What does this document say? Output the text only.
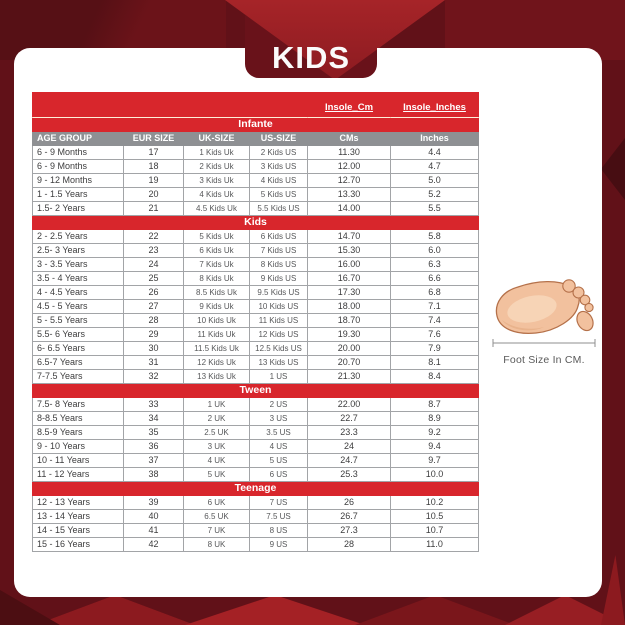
				Insole_Cm	Insole_Inches
Infante					
AGE GROUP	EUR SIZE	UK-SIZE	US-SIZE	CMs	Inches
6 - 9 Months	17	1 Kids Uk	2 Kids US	11.30	4.4
6 - 9 Months	18	2 Kids Uk	3 Kids US	12.00	4.7
9 - 12 Months	19	3 Kids Uk	4 Kids US	12.70	5.0
1 - 1.5 Years	20	4 Kids Uk	5 Kids US	13.30	5.2
1.5- 2 Years	21	4.5 Kids Uk	5.5 Kids US	14.00	5.5
Kids					
2 - 2.5 Years	22	5 Kids Uk	6 Kids US	14.70	5.8
2.5- 3 Years	23	6 Kids Uk	7 Kids US	15.30	6.0
3 - 3.5 Years	24	7 Kids Uk	8 Kids US	16.00	6.3
3.5 - 4 Years	25	8 Kids Uk	9 Kids US	16.70	6.6
4 - 4.5 Years	26	8.5 Kids Uk	9.5 Kids US	17.30	6.8
4.5 - 5 Years	27	9 Kids Uk	10 Kids US	18.00	7.1
5 - 5.5 Years	28	10 Kids Uk	11 Kids US	18.70	7.4
5.5- 6 Years	29	11 Kids Uk	12 Kids US	19.30	7.6
6- 6.5 Years	30	11.5 Kids Uk	12.5 Kids US	20.00	7.9
6.5-7 Years	31	12 Kids Uk	13 Kids US	20.70	8.1
7-7.5 Years	32	13 Kids Uk	1 US	21.30	8.4
Tween					
7.5- 8 Years	33	1 UK	2 US	22.00	8.7
8-8.5 Years	34	2 UK	3 US	22.7	8.9
8.5-9 Years	35	2.5 UK	3.5 US	23.3	9.2
9 - 10 Years	36	3 UK	4 US	24	9.4
10 - 11 Years	37	4 UK	5 US	24.7	9.7
11 - 12 Years	38	5 UK	6 US	25.3	10.0
Teenage					
12 - 13 Years	39	6 UK	7 US	26	10.2
13 - 14 Years	40	6.5 UK	7.5 US	26.7	10.5
14 - 15 Years	41	7 UK	8 US	27.3	10.7
15 - 16 Years	42	8 UK	9 US	28	11.0
Foot Size In CM.
KIDS
